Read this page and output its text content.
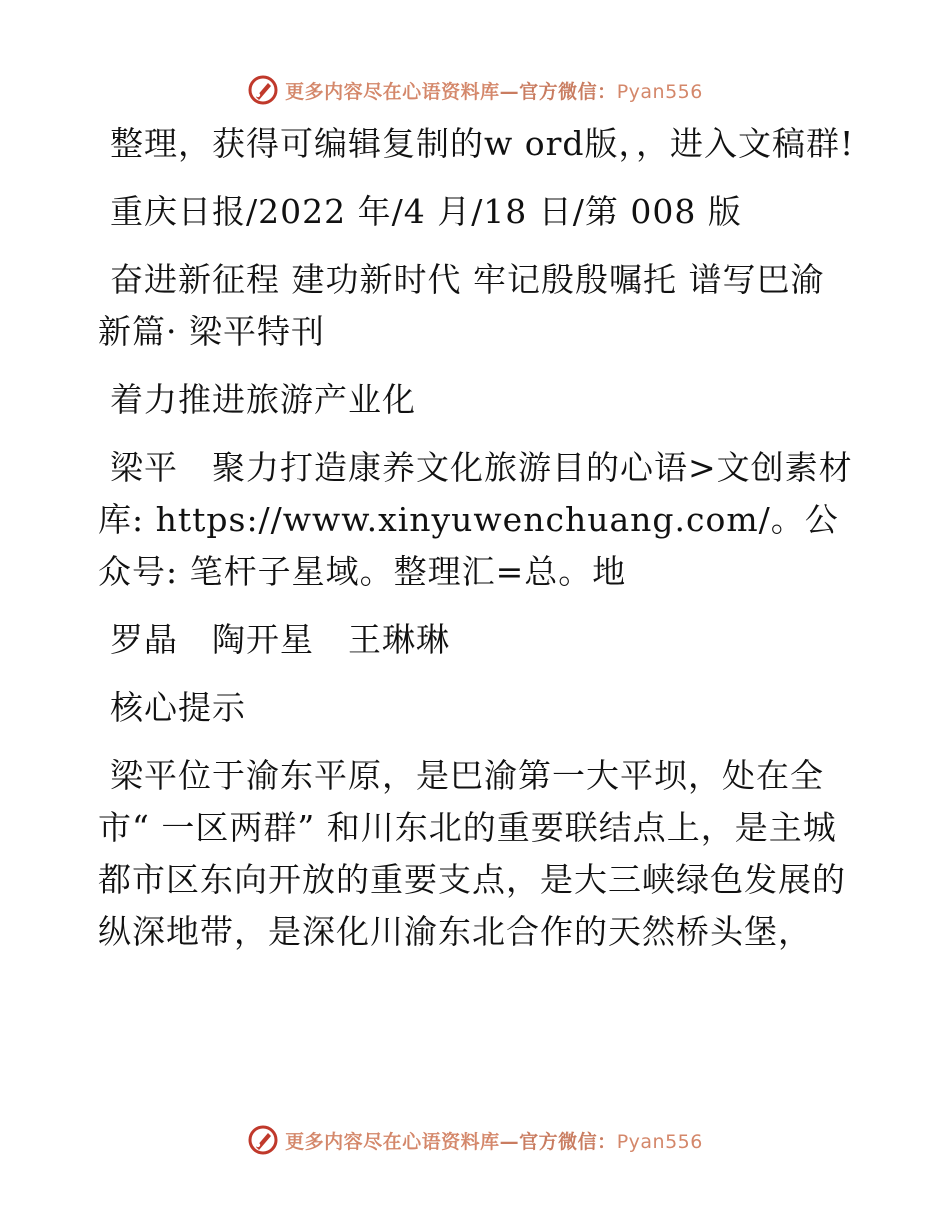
更多内容尽在心语资料库—官方微信：Pyan556

整理，获得可编辑复制的w ord版，，进入文稿群!

重庆日报/2022 年/4 月/18 日/第 008 版

奋进新征程 建功新时代 牢记殷殷嘱托 谱写巴渝新篇· 梁平特刊

着力推进旅游产业化

梁平　聚力打造康养文化旅游目的心语>文创素材库: https://www.xinyuwenchuang.com/。公众号: 笔杆子星域。整理汇=总。地

罗晶　陶开星　王琳琳

核心提示

梁平位于渝东平原，是巴渝第一大平坝，处在全市“ 一区两群” 和川东北的重要联结点上，是主城都市区东向开放的重要支点，是大三峡绿色发展的纵深地带，是深化川渝东北合作的天然桥头堡，

更多内容尽在心语资料库—官方微信：Pyan556
